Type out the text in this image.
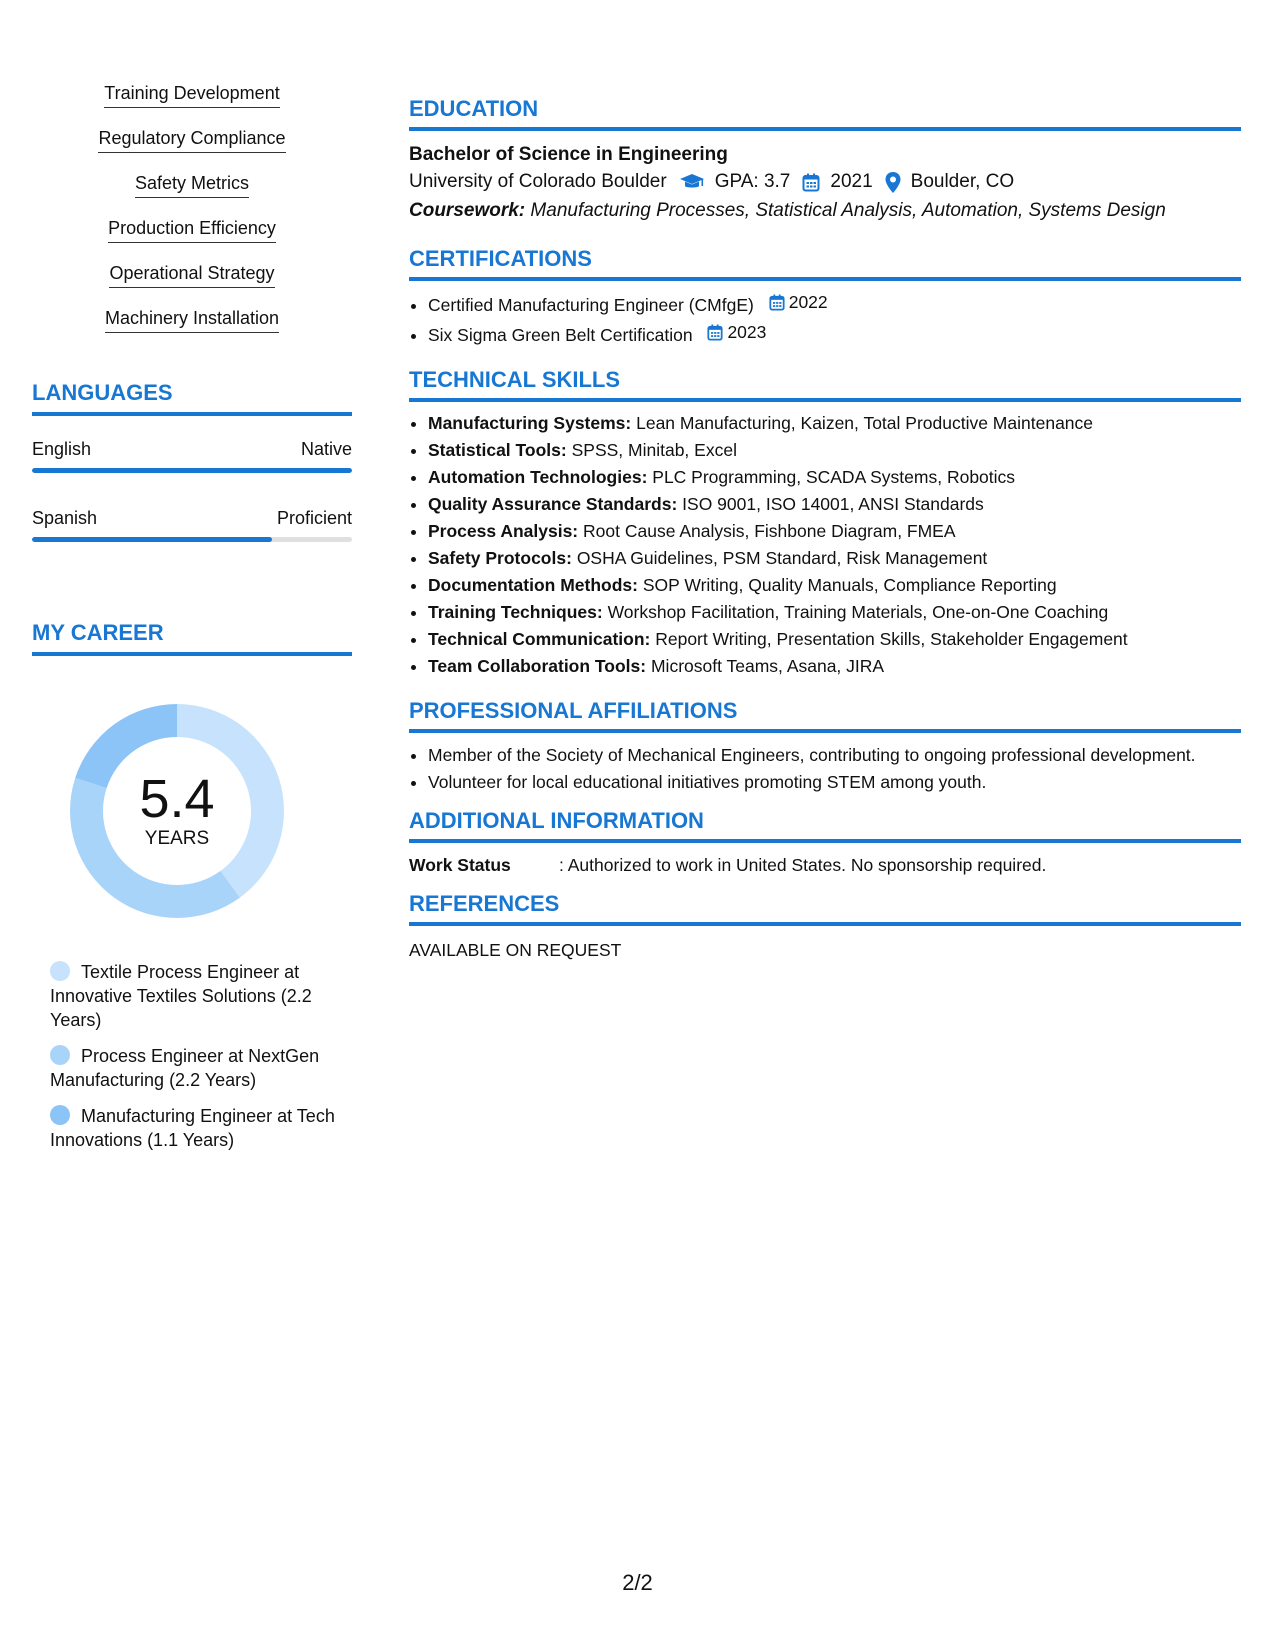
Training Development
Regulatory Compliance
Safety Metrics
Production Efficiency
Operational Strategy
Machinery Installation
LANGUAGES
English	Native
Spanish	Proficient
MY CAREER
5.4
YEARS
Textile Process Engineer at Innovative Textiles Solutions (2.2 Years)
Process Engineer at NextGen Manufacturing (2.2 Years)
Manufacturing Engineer at Tech Innovations (1.1 Years)
EDUCATION
Bachelor of Science in Engineering
University of Colorado Boulder	GPA: 3.7 2021 Boulder, CO
Coursework: Manufacturing Processes, Statistical Analysis, Automation, Systems Design
CERTIFICATIONS
• Certified Manufacturing Engineer (CMfgE) 2022
• Six Sigma Green Belt Certification 2023
TECHNICAL SKILLS
• Manufacturing Systems: Lean Manufacturing, Kaizen, Total Productive Maintenance
• Statistical Tools: SPSS, Minitab, Excel
• Automation Technologies: PLC Programming, SCADA Systems, Robotics
• Quality Assurance Standards: ISO 9001, ISO 14001, ANSI Standards
• Process Analysis: Root Cause Analysis, Fishbone Diagram, FMEA
• Safety Protocols: OSHA Guidelines, PSM Standard, Risk Management
• Documentation Methods: SOP Writing, Quality Manuals, Compliance Reporting
• Training Techniques: Workshop Facilitation, Training Materials, One-on-One Coaching
• Technical Communication: Report Writing, Presentation Skills, Stakeholder Engagement
• Team Collaboration Tools: Microsoft Teams, Asana, JIRA
PROFESSIONAL AFFILIATIONS
• Member of the Society of Mechanical Engineers, contributing to ongoing professional development.
• Volunteer for local educational initiatives promoting STEM among youth.
ADDITIONAL INFORMATION
Work Status	: Authorized to work in United States. No sponsorship required.
REFERENCES
AVAILABLE ON REQUEST
2/2
